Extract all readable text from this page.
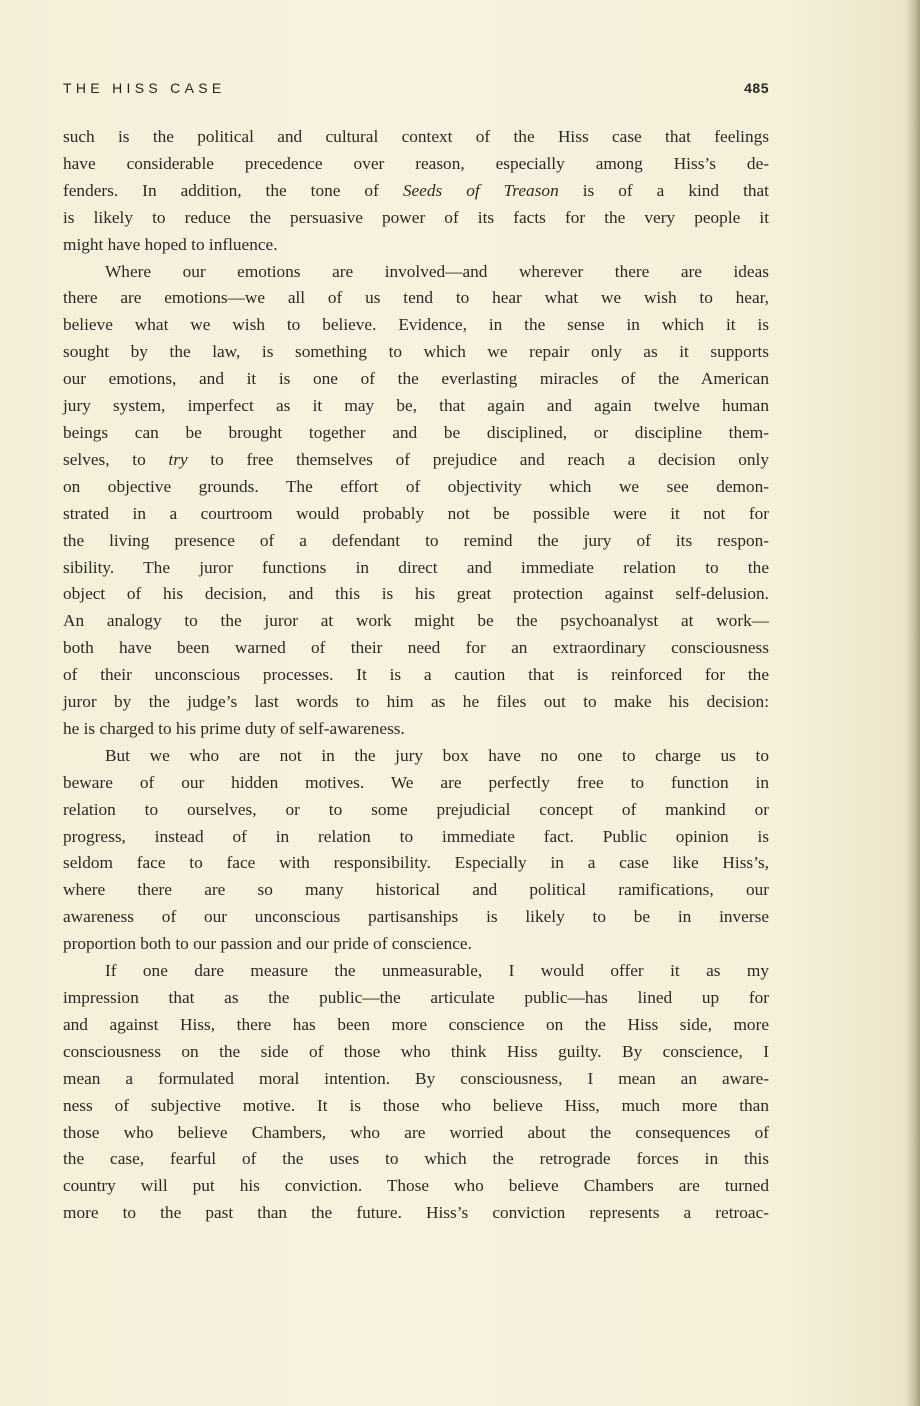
THE HISS CASE	485
such is the political and cultural context of the Hiss case that feelings
have considerable precedence over reason, especially among Hiss’s de-
fenders. In addition, the tone of Seeds of Treason is of a kind that
is likely to reduce the persuasive power of its facts for the very people it
might have hoped to influence.
Where our emotions are involved—and wherever there are ideas
there are emotions—we all of us tend to hear what we wish to hear,
believe what we wish to believe. Evidence, in the sense in which it is
sought by the law, is something to which we repair only as it supports
our emotions, and it is one of the everlasting miracles of the American
jury system, imperfect as it may be, that again and again twelve human
beings can be brought together and be disciplined, or discipline them-
selves, to try to free themselves of prejudice and reach a decision only
on objective grounds. The effort of objectivity which we see demon-
strated in a courtroom would probably not be possible were it not for
the living presence of a defendant to remind the jury of its respon-
sibility. The juror functions in direct and immediate relation to the
object of his decision, and this is his great protection against self-delusion.
An analogy to the juror at work might be the psychoanalyst at work—
both have been warned of their need for an extraordinary consciousness
of their unconscious processes. It is a caution that is reinforced for the
juror by the judge’s last words to him as he files out to make his decision:
he is charged to his prime duty of self-awareness.
But we who are not in the jury box have no one to charge us to
beware of our hidden motives. We are perfectly free to function in
relation to ourselves, or to some prejudicial concept of mankind or
progress, instead of in relation to immediate fact. Public opinion is
seldom face to face with responsibility. Especially in a case like Hiss’s,
where there are so many historical and political ramifications, our
awareness of our unconscious partisanships is likely to be in inverse
proportion both to our passion and our pride of conscience.
If one dare measure the unmeasurable, I would offer it as my
impression that as the public—the articulate public—has lined up for
and against Hiss, there has been more conscience on the Hiss side, more
consciousness on the side of those who think Hiss guilty. By conscience, I
mean a formulated moral intention. By consciousness, I mean an aware-
ness of subjective motive. It is those who believe Hiss, much more than
those who believe Chambers, who are worried about the consequences of
the case, fearful of the uses to which the retrograde forces in this
country will put his conviction. Those who believe Chambers are turned
more to the past than the future. Hiss’s conviction represents a retroac-
